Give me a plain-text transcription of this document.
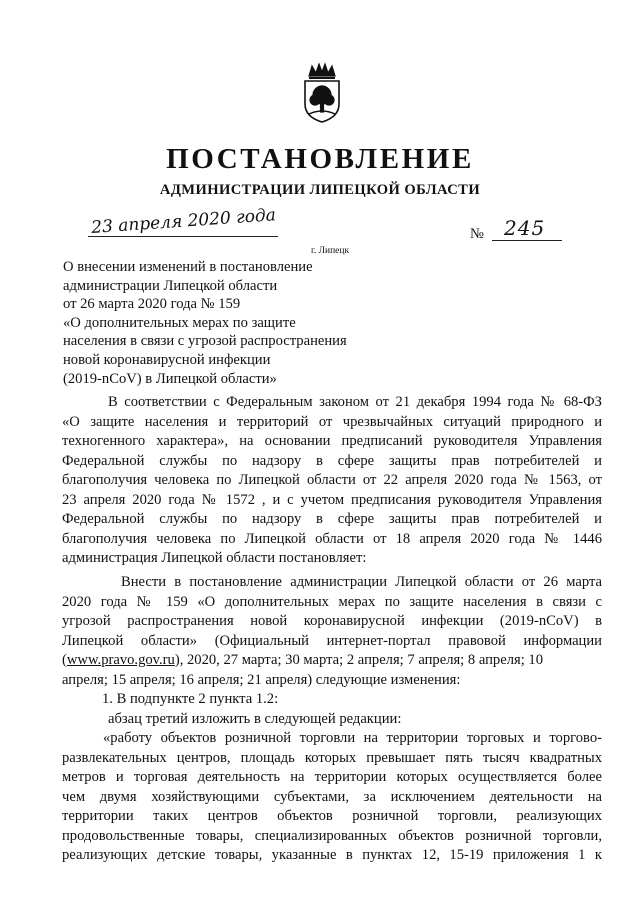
ПОСТАНОВЛЕНИЕ
АДМИНИСТРАЦИИ ЛИПЕЦКОЙ ОБЛАСТИ
23 апреля 2020 года
г. Липецк
№ 245
О внесении изменений в постановление
администрации Липецкой области
от 26 марта 2020 года № 159
«О дополнительных мерах по защите
населения в связи с угрозой распространения
новой коронавирусной инфекции
(2019-nCoV) в Липецкой области»
В соответствии с Федеральным законом от 21 декабря 1994 года № 68-ФЗ
«О защите населения и территорий от чрезвычайных ситуаций природного и
техногенного характера», на основании предписаний руководителя Управления
Федеральной службы по надзору в сфере защиты прав потребителей и
благополучия человека по Липецкой области от 22 апреля 2020 года № 1563, от
23 апреля 2020 года № 1572 , и с учетом предписания руководителя Управления
Федеральной службы по надзору в сфере защиты прав потребителей и
благополучия человека по Липецкой области от 18 апреля 2020 года № 1446
администрация Липецкой области постановляет:
Внести в постановление администрации Липецкой области от 26 марта
2020 года № 159 «О дополнительных мерах по защите населения в связи с
угрозой распространения новой коронавирусной инфекции (2019-nCoV) в
Липецкой области» (Официальный интернет-портал правовой информации
(www.pravo.gov.ru), 2020, 27 марта; 30 марта; 2 апреля; 7 апреля; 8 апреля; 10
апреля; 15 апреля; 16 апреля; 21 апреля) следующие изменения:
1. В подпункте 2 пункта 1.2:
абзац третий изложить в следующей редакции:
«работу объектов розничной торговли на территории торговых и торгово-
развлекательных центров, площадь которых превышает пять тысяч квадратных
метров и торговая деятельность на территории которых осуществляется более
чем двумя хозяйствующими субъектами, за исключением деятельности на
территории таких центров объектов розничной торговли, реализующих
продовольственные товары, специализированных объектов розничной торговли,
реализующих детские товары, указанные в пунктах 12, 15-19 приложения 1 к
